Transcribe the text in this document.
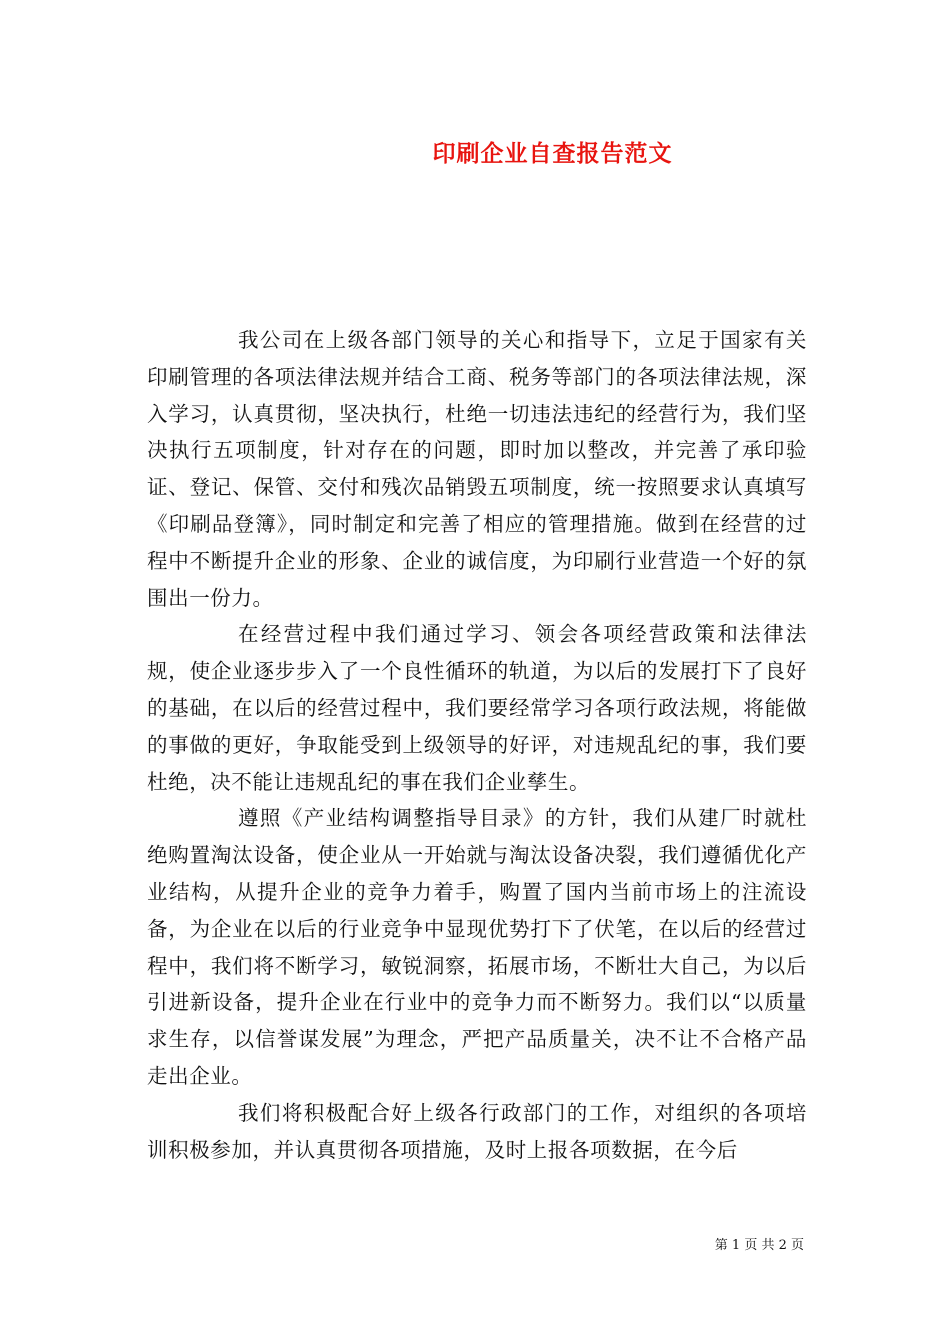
印刷企业自查报告范文

我公司在上级各部门领导的关心和指导下，立足于国家有关印刷管理的各项法律法规并结合工商、税务等部门的各项法律法规，深入学习，认真贯彻，坚决执行，杜绝一切违法违纪的经营行为，我们坚决执行五项制度，针对存在的问题，即时加以整改，并完善了承印验证、登记、保管、交付和残次品销毁五项制度，统一按照要求认真填写《印刷品登簿》，同时制定和完善了相应的管理措施。做到在经营的过程中不断提升企业的形象、企业的诚信度，为印刷行业营造一个好的氛围出一份力。

在经营过程中我们通过学习、领会各项经营政策和法律法规，使企业逐步步入了一个良性循环的轨道，为以后的发展打下了良好的基础，在以后的经营过程中，我们要经常学习各项行政法规，将能做的事做的更好，争取能受到上级领导的好评，对违规乱纪的事，我们要杜绝，决不能让违规乱纪的事在我们企业孳生。

遵照《产业结构调整指导目录》的方针，我们从建厂时就杜绝购置淘汰设备，使企业从一开始就与淘汰设备决裂，我们遵循优化产业结构，从提升企业的竞争力着手，购置了国内当前市场上的注流设备，为企业在以后的行业竞争中显现优势打下了伏笔，在以后的经营过程中，我们将不断学习，敏锐洞察，拓展市场，不断壮大自己，为以后引进新设备，提升企业在行业中的竞争力而不断努力。我们以“以质量求生存，以信誉谋发展”为理念，严把产品质量关，决不让不合格产品走出企业。

我们将积极配合好上级各行政部门的工作，对组织的各项培训积极参加，并认真贯彻各项措施，及时上报各项数据，在今后

第 1 页 共 2 页
